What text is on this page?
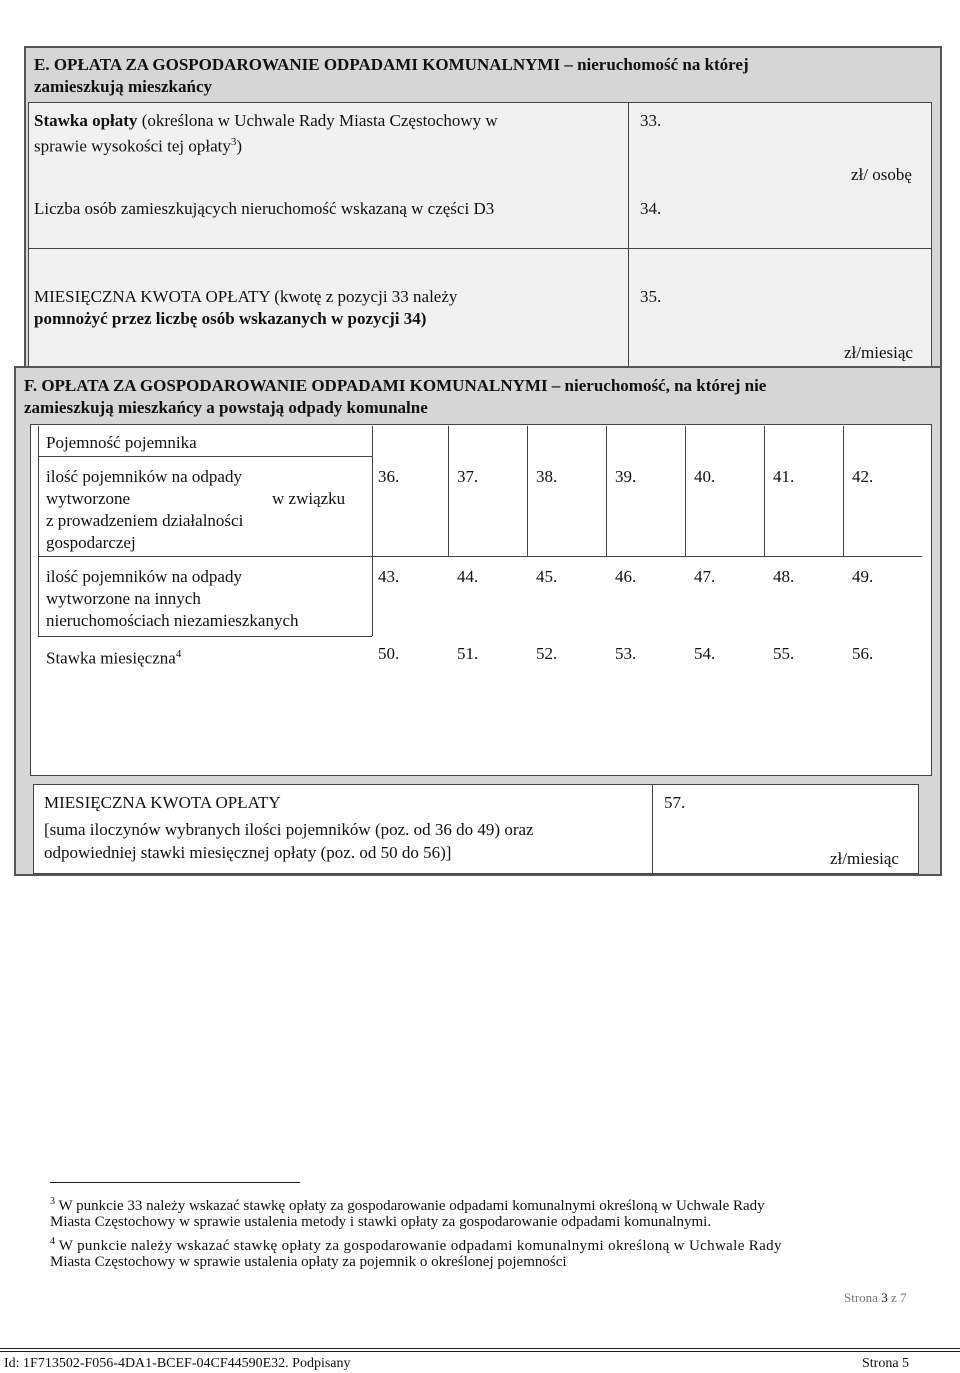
E. OPŁATA ZA GOSPODAROWANIE ODPADAMI KOMUNALNYMI – nieruchomość na której
zamieszkują mieszkańcy
Stawka opłaty (określona w Uchwale Rady Miasta Częstochowy w
sprawie wysokości tej opłaty$^3$)
33.
zł/ osobę
Liczba osób zamieszkujących nieruchomość wskazaną w części D3	34.
MIESIĘCZNA KWOTA OPŁATY (kwotę z pozycji 33 należy
pomnożyć przez liczbę osób wskazanych w pozycji 34)
35.
zł/miesiąc
F. OPŁATA ZA GOSPODAROWANIE ODPADAMI KOMUNALNYMI – nieruchomość, na której nie
zamieszkują mieszkańcy a powstają odpady komunalne
Pojemność pojemnika
ilość pojemników na odpady
wytworzone	w związku
z prowadzeniem działalności
gospodarczej
36.	37.	38.	39.	40.	41.	42.
ilość pojemników na odpady
wytworzone na innych
nieruchomościach niezamieszkanych
43.	44.	45.	46.	47.	48.	49.
Stawka miesięczna$^4$	50.	51.	52.	53.	54.	55.	56.
MIESIĘCZNA KWOTA OPŁATY
[suma iloczynów wybranych ilości pojemników (poz. od 36 do 49) oraz
odpowiedniej stawki miesięcznej opłaty (poz. od 50 do 56)]
57.
zł/miesiąc
$^3$ W punkcie 33 należy wskazać stawkę opłaty za gospodarowanie odpadami komunalnymi określoną w Uchwale Rady
Miasta Częstochowy w sprawie ustalenia metody i stawki opłaty za gospodarowanie odpadami komunalnymi.
$^4$ W punkcie należy wskazać stawkę opłaty za gospodarowanie odpadami komunalnymi określoną w Uchwale Rady
Miasta Częstochowy w sprawie ustalenia opłaty za pojemnik o określonej pojemności
Strona 3 z 7
Id: 1F713502-F056-4DA1-BCEF-04CF44590E32. Podpisany	Strona 5
